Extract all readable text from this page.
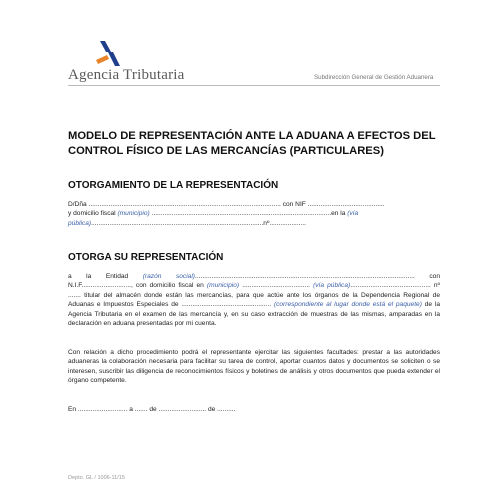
Agencia Tributaria	Subdirección General de Gestión Aduanera
MODELO DE REPRESENTACIÓN ANTE LA ADUANA A EFECTOS DEL CONTROL FÍSICO DE LAS MERCANCÍAS (PARTICULARES)
OTORGAMIENTO DE LA REPRESENTACIÓN
D/Dña ......................................................................................................... con NIF ..........................................
y domicilio fiscal (municipio) ..................................................................................................en la (vía
pública)..............................................................................................nº....................
OTORGA SU REPRESENTACIÓN
a la Entidad (razón social)........................................................................................................................ con N.I.F..........................., con domicilio fiscal en (municipio) ..................................... (vía pública)............................................ nº ....... titular del almacén donde están las mercancías, para que actúe ante los órganos de la Dependencia Regional de Aduanas e Impuestos Especiales de ................................................. (correspondiente al lugar donde está el paquete) de la Agencia Tributaria en el examen de las mercancía y, en su caso extracción de muestras de las mismas, amparadas en la declaración en aduana presentadas por mi cuenta.
Con relación a dicho procedimiento podrá el representante ejercitar las siguientes facultades: prestar a las autoridades aduaneras la colaboración necesaria para facilitar su tarea de control, aportar cuantos datos y documentos se soliciten o se interesen, suscribir las diligencia de reconocimientos físicos y boletines de análisis y otros documentos que pueda extender el órgano competente.
En ........................... a ....... de .......................... de ..........
Depto. GL / 1006-11/15
